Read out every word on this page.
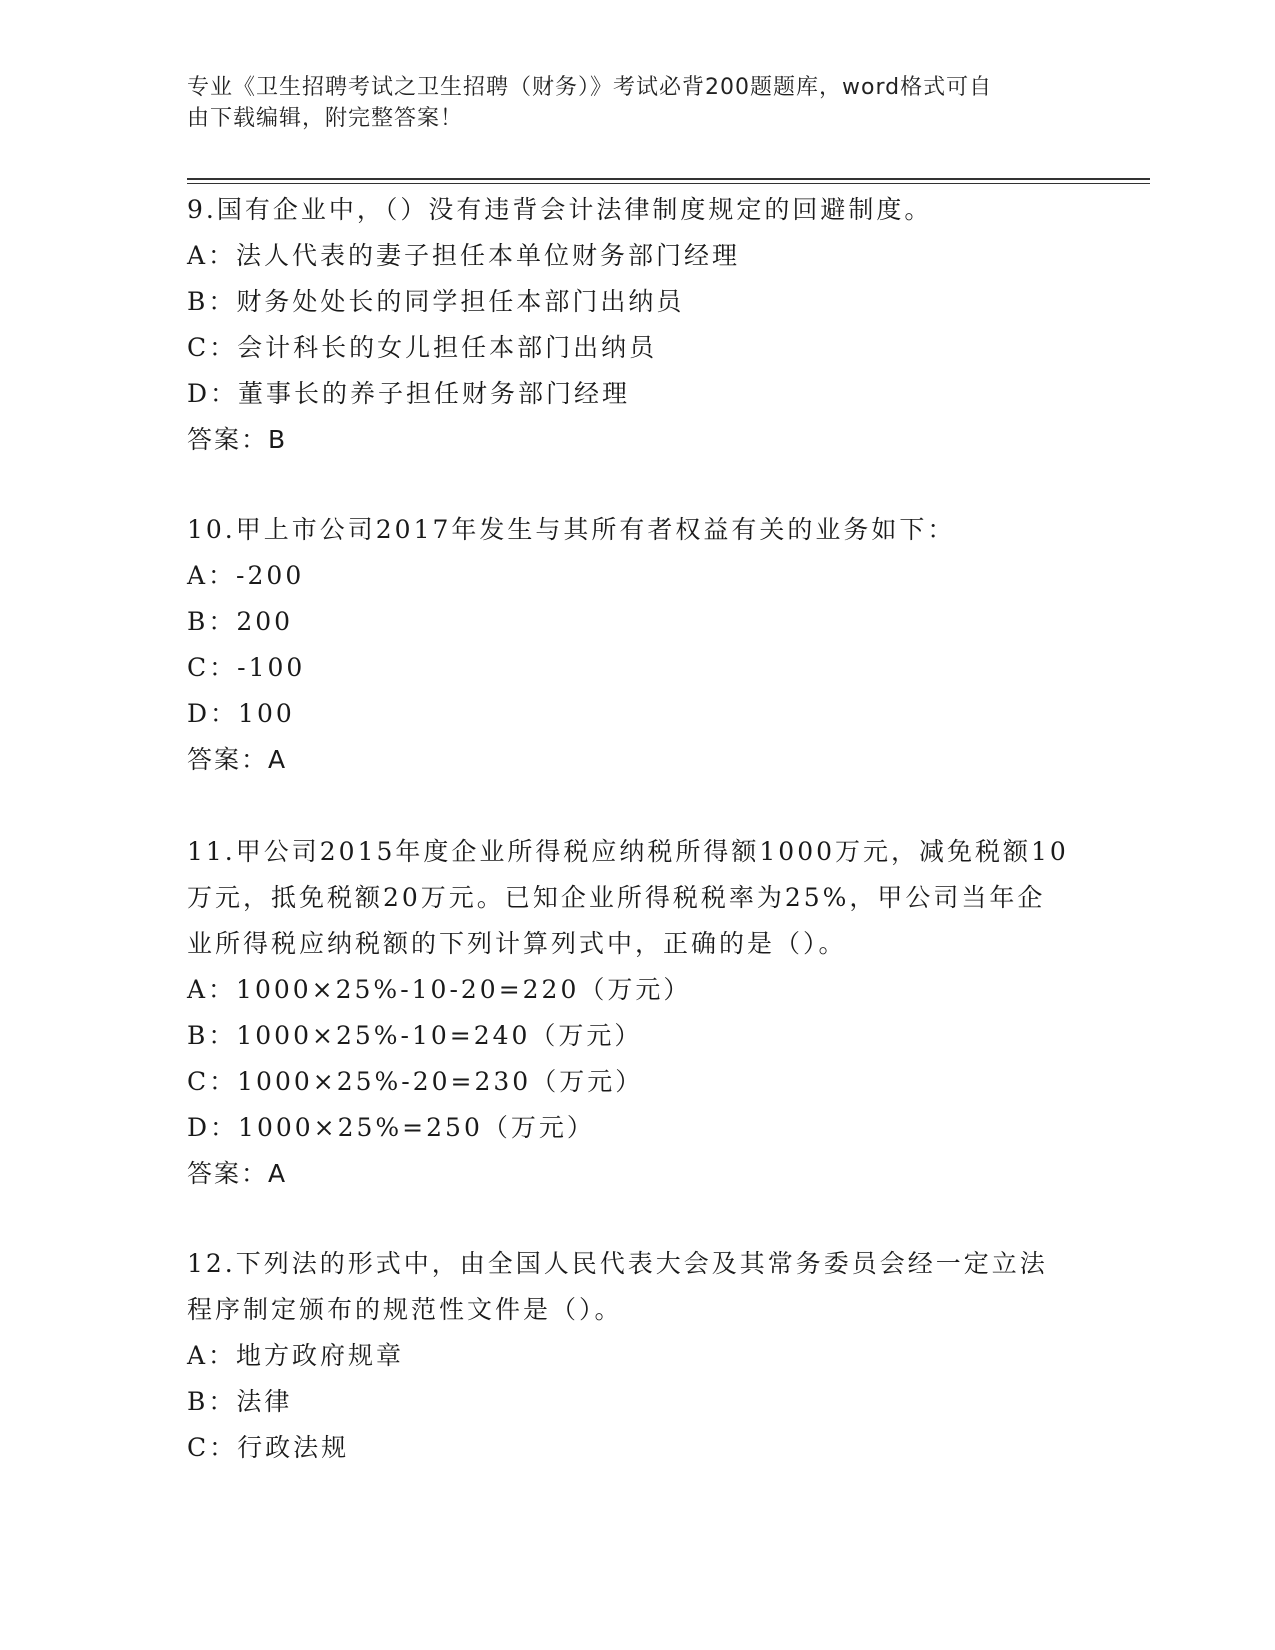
专业《卫生招聘考试之卫生招聘（财务）》考试必背200题题库，word格式可自
由下载编辑，附完整答案！
9.国有企业中，（）没有违背会计法律制度规定的回避制度。
A：法人代表的妻子担任本单位财务部门经理
B：财务处处长的同学担任本部门出纳员
C：会计科长的女儿担任本部门出纳员
D：董事长的养子担任财务部门经理
答案：B
10.甲上市公司2017年发生与其所有者权益有关的业务如下：
A：-200
B：200
C：-100
D：100
答案：A
11.甲公司2015年度企业所得税应纳税所得额1000万元，减免税额10
万元，抵免税额20万元。已知企业所得税税率为25%，甲公司当年企
业所得税应纳税额的下列计算列式中，正确的是（）。
A：1000×25%-10-20=220（万元）
B：1000×25%-10=240（万元）
C：1000×25%-20=230（万元）
D：1000×25%=250（万元）
答案：A
12.下列法的形式中，由全国人民代表大会及其常务委员会经一定立法
程序制定颁布的规范性文件是（）。
A：地方政府规章
B：法律
C：行政法规
